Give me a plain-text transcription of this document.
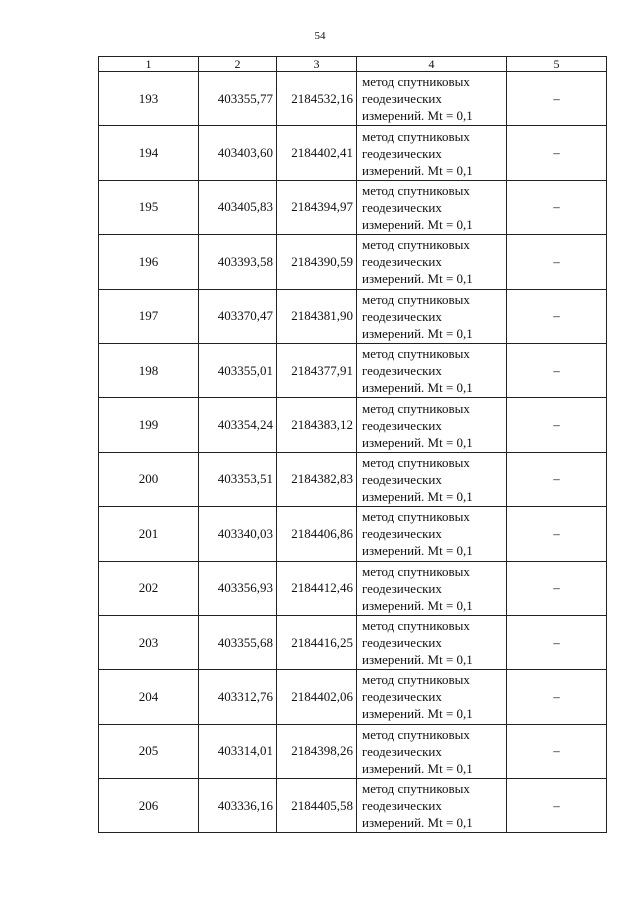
54
1	2	3	4	5
193	403355,77	2184532,16	метод спутниковых
геодезических
измерений. Mt = 0,1	–
194	403403,60	2184402,41	метод спутниковых
геодезических
измерений. Mt = 0,1	–
195	403405,83	2184394,97	метод спутниковых
геодезических
измерений. Mt = 0,1	–
196	403393,58	2184390,59	метод спутниковых
геодезических
измерений. Mt = 0,1	–
197	403370,47	2184381,90	метод спутниковых
геодезических
измерений. Mt = 0,1	–
198	403355,01	2184377,91	метод спутниковых
геодезических
измерений. Mt = 0,1	–
199	403354,24	2184383,12	метод спутниковых
геодезических
измерений. Mt = 0,1	–
200	403353,51	2184382,83	метод спутниковых
геодезических
измерений. Mt = 0,1	–
201	403340,03	2184406,86	метод спутниковых
геодезических
измерений. Mt = 0,1	–
202	403356,93	2184412,46	метод спутниковых
геодезических
измерений. Mt = 0,1	–
203	403355,68	2184416,25	метод спутниковых
геодезических
измерений. Mt = 0,1	–
204	403312,76	2184402,06	метод спутниковых
геодезических
измерений. Mt = 0,1	–
205	403314,01	2184398,26	метод спутниковых
геодезических
измерений. Mt = 0,1	–
206	403336,16	2184405,58	метод спутниковых
геодезических
измерений. Mt = 0,1	–
